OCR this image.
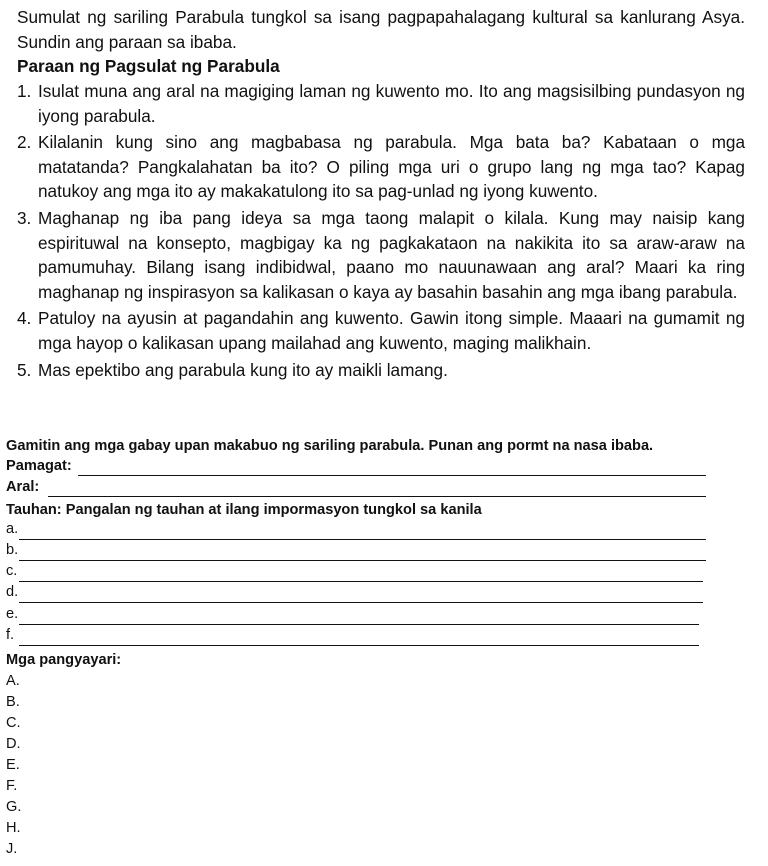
Sumulat ng sariling Parabula tungkol sa isang pagpapahalagang kultural sa kanlurang Asya. Sundin ang paraan sa ibaba.
Paraan ng Pagsulat ng Parabula
1. Isulat muna ang aral na magiging laman ng kuwento mo. Ito ang magsisilbing pundasyon ng iyong parabula.
2. Kilalanin kung sino ang magbabasa ng parabula. Mga bata ba? Kabataan o mga matatanda? Pangkalahatan ba ito? O piling mga uri o grupo lang ng mga tao? Kapag natukoy ang mga ito ay makakatulong ito sa pag-unlad ng iyong kuwento.
3. Maghanap ng iba pang ideya sa mga taong malapit o kilala. Kung may naisip kang espirituwal na konsepto, magbigay ka ng pagkakataon na nakikita ito sa araw-araw na pamumuhay. Bilang isang indibidwal, paano mo nauunawaan ang aral? Maari ka ring maghanap ng inspirasyon sa kalikasan o kaya ay basahin basahin ang mga ibang parabula.
4. Patuloy na ayusin at pagandahin ang kuwento. Gawin itong simple. Maaari na gumamit ng mga hayop o kalikasan upang mailahad ang kuwento, maging malikhain.
5. Mas epektibo ang parabula kung ito ay maikli lamang.
Gamitin ang mga gabay upan makabuo ng sariling parabula. Punan ang pormt na nasa ibaba.
Pamagat:
Aral:
Tauhan: Pangalan ng tauhan at ilang impormasyon tungkol sa kanila
a.
b.
c.
d.
e.
f.
Mga pangyayari:
A.
B.
C.
D.
E.
F.
G.
H.
J.
